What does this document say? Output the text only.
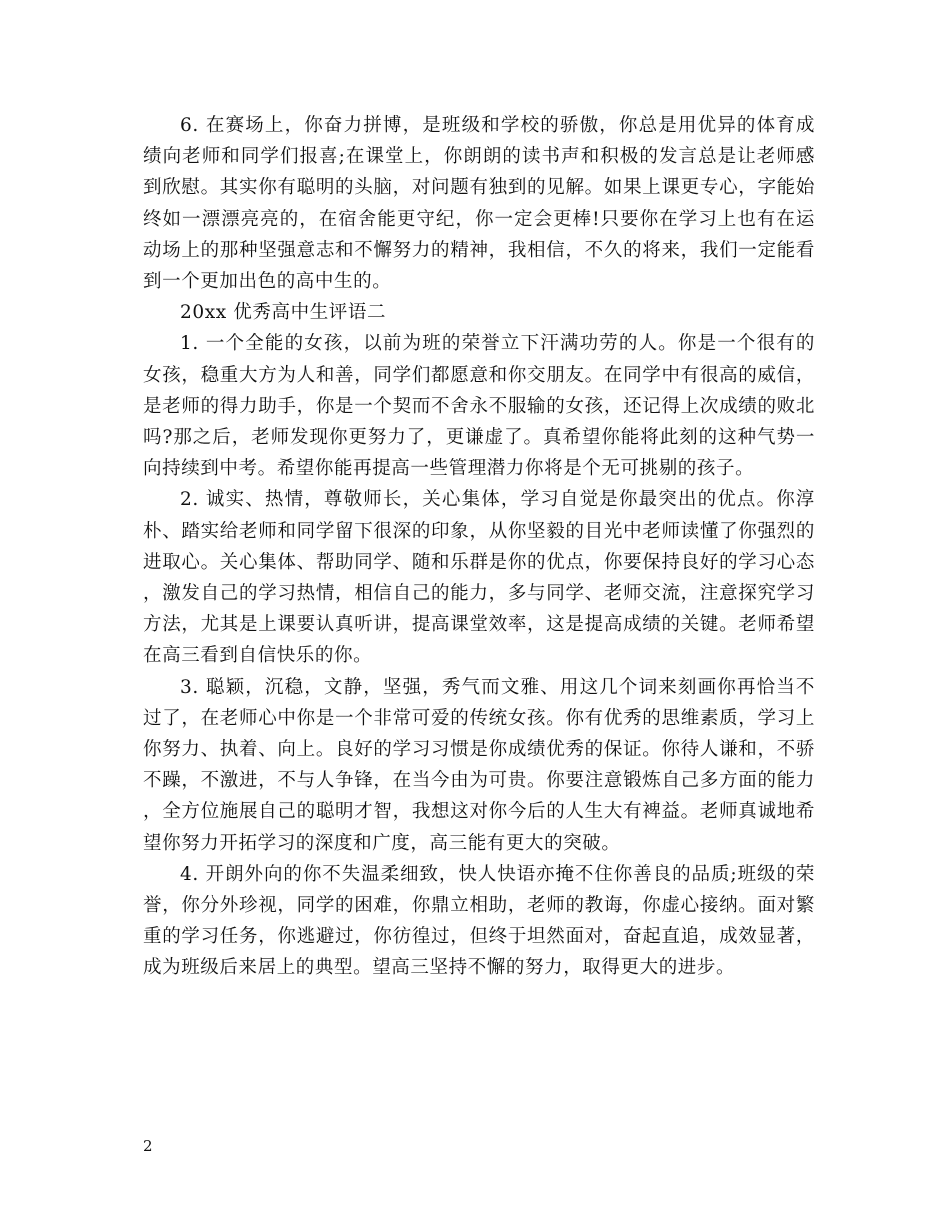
6. 在赛场上，你奋力拼博，是班级和学校的骄傲，你总是用优异的体育成绩向老师和同学们报喜;在课堂上，你朗朗的读书声和积极的发言总是让老师感到欣慰。其实你有聪明的头脑，对问题有独到的见解。如果上课更专心，字能始终如一漂漂亮亮的，在宿舍能更守纪，你一定会更棒!只要你在学习上也有在运动场上的那种坚强意志和不懈努力的精神，我相信，不久的将来，我们一定能看到一个更加出色的高中生的。

20xx 优秀高中生评语二

1. 一个全能的女孩，以前为班的荣誉立下汗满功劳的人。你是一个很有的女孩，稳重大方为人和善，同学们都愿意和你交朋友。在同学中有很高的威信，是老师的得力助手，你是一个契而不舍永不服输的女孩，还记得上次成绩的败北吗?那之后，老师发现你更努力了，更谦虚了。真希望你能将此刻的这种气势一向持续到中考。希望你能再提高一些管理潜力你将是个无可挑剔的孩子。

2. 诚实、热情，尊敬师长，关心集体，学习自觉是你最突出的优点。你淳朴、踏实给老师和同学留下很深的印象，从你坚毅的目光中老师读懂了你强烈的进取心。关心集体、帮助同学、随和乐群是你的优点，你要保持良好的学习心态，激发自己的学习热情，相信自己的能力，多与同学、老师交流，注意探究学习方法，尤其是上课要认真听讲，提高课堂效率，这是提高成绩的关键。老师希望在高三看到自信快乐的你。

3. 聪颖，沉稳，文静，坚强，秀气而文雅、用这几个词来刻画你再恰当不过了，在老师心中你是一个非常可爱的传统女孩。你有优秀的思维素质，学习上你努力、执着、向上。良好的学习习惯是你成绩优秀的保证。你待人谦和，不骄不躁，不激进，不与人争锋，在当今由为可贵。你要注意锻炼自己多方面的能力，全方位施展自己的聪明才智，我想这对你今后的人生大有裨益。老师真诚地希望你努力开拓学习的深度和广度，高三能有更大的突破。

4. 开朗外向的你不失温柔细致，快人快语亦掩不住你善良的品质;班级的荣誉，你分外珍视，同学的困难，你鼎立相助，老师的教诲，你虚心接纳。面对繁重的学习任务，你逃避过，你彷徨过，但终于坦然面对，奋起直追，成效显著，成为班级后来居上的典型。望高三坚持不懈的努力，取得更大的进步。

2
